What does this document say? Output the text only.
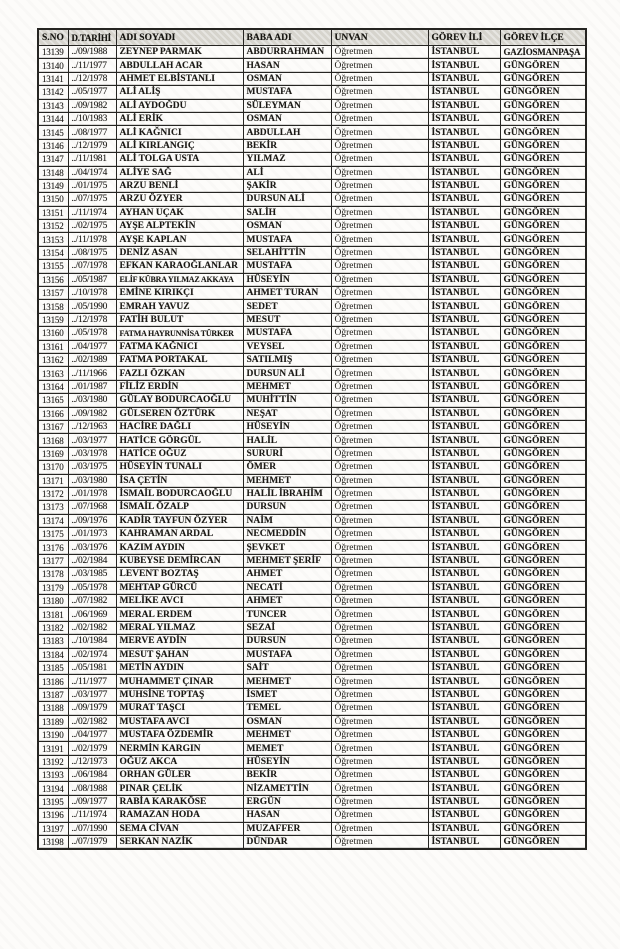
S.NO	D.TARİHİ	ADI SOYADI	BABA ADI	UNVAN	GÖREV İLİ	GÖREV İLÇE
13139	../09/1988	ZEYNEP PARMAK	ABDURRAHMAN	Öğretmen	İSTANBUL	GAZİOSMANPAŞA
13140	../11/1977	ABDULLAH ACAR	HASAN	Öğretmen	İSTANBUL	GÜNGÖREN
13141	../12/1978	AHMET ELBİSTANLI	OSMAN	Öğretmen	İSTANBUL	GÜNGÖREN
13142	../05/1977	ALİ ALİŞ	MUSTAFA	Öğretmen	İSTANBUL	GÜNGÖREN
13143	../09/1982	ALİ AYDOĞDU	SÜLEYMAN	Öğretmen	İSTANBUL	GÜNGÖREN
13144	../10/1983	ALİ ERİK	OSMAN	Öğretmen	İSTANBUL	GÜNGÖREN
13145	../08/1977	ALİ KAĞNICI	ABDULLAH	Öğretmen	İSTANBUL	GÜNGÖREN
13146	../12/1979	ALİ KIRLANGIÇ	BEKİR	Öğretmen	İSTANBUL	GÜNGÖREN
13147	../11/1981	ALİ TOLGA USTA	YILMAZ	Öğretmen	İSTANBUL	GÜNGÖREN
13148	../04/1974	ALİYE SAĞ	ALİ	Öğretmen	İSTANBUL	GÜNGÖREN
13149	../01/1975	ARZU BENLİ	ŞAKİR	Öğretmen	İSTANBUL	GÜNGÖREN
13150	../07/1975	ARZU ÖZYER	DURSUN ALİ	Öğretmen	İSTANBUL	GÜNGÖREN
13151	../11/1974	AYHAN UÇAK	SALİH	Öğretmen	İSTANBUL	GÜNGÖREN
13152	../02/1975	AYŞE ALPTEKİN	OSMAN	Öğretmen	İSTANBUL	GÜNGÖREN
13153	../11/1978	AYŞE KAPLAN	MUSTAFA	Öğretmen	İSTANBUL	GÜNGÖREN
13154	../08/1975	DENİZ ASAN	SELAHİTTİN	Öğretmen	İSTANBUL	GÜNGÖREN
13155	../07/1978	EFKAN KARAOĞLANLAR	MUSTAFA	Öğretmen	İSTANBUL	GÜNGÖREN
13156	../05/1987	ELİF KÜBRA YILMAZ AKKAYA	HÜSEYİN	Öğretmen	İSTANBUL	GÜNGÖREN
13157	../10/1978	EMİNE KIRIKÇI	AHMET TURAN	Öğretmen	İSTANBUL	GÜNGÖREN
13158	../05/1990	EMRAH YAVUZ	SEDET	Öğretmen	İSTANBUL	GÜNGÖREN
13159	../12/1978	FATİH BULUT	MESUT	Öğretmen	İSTANBUL	GÜNGÖREN
13160	../05/1978	FATMA HAYRUNNİSA TÜRKER	MUSTAFA	Öğretmen	İSTANBUL	GÜNGÖREN
13161	../04/1977	FATMA KAĞNICI	VEYSEL	Öğretmen	İSTANBUL	GÜNGÖREN
13162	../02/1989	FATMA PORTAKAL	SATILMIŞ	Öğretmen	İSTANBUL	GÜNGÖREN
13163	../11/1966	FAZLI ÖZKAN	DURSUN ALİ	Öğretmen	İSTANBUL	GÜNGÖREN
13164	../01/1987	FİLİZ ERDİN	MEHMET	Öğretmen	İSTANBUL	GÜNGÖREN
13165	../03/1980	GÜLAY BODURCAOĞLU	MUHİTTİN	Öğretmen	İSTANBUL	GÜNGÖREN
13166	../09/1982	GÜLSEREN ÖZTÜRK	NEŞAT	Öğretmen	İSTANBUL	GÜNGÖREN
13167	../12/1963	HACİRE DAĞLI	HÜSEYİN	Öğretmen	İSTANBUL	GÜNGÖREN
13168	../03/1977	HATİCE GÖRGÜL	HALİL	Öğretmen	İSTANBUL	GÜNGÖREN
13169	../03/1978	HATİCE OĞUZ	SURURİ	Öğretmen	İSTANBUL	GÜNGÖREN
13170	../03/1975	HÜSEYİN TUNALI	ÖMER	Öğretmen	İSTANBUL	GÜNGÖREN
13171	../03/1980	İSA ÇETİN	MEHMET	Öğretmen	İSTANBUL	GÜNGÖREN
13172	../01/1978	İSMAİL BODURCAOĞLU	HALİL İBRAHİM	Öğretmen	İSTANBUL	GÜNGÖREN
13173	../07/1968	İSMAİL ÖZALP	DURSUN	Öğretmen	İSTANBUL	GÜNGÖREN
13174	../09/1976	KADİR TAYFUN ÖZYER	NAİM	Öğretmen	İSTANBUL	GÜNGÖREN
13175	../01/1973	KAHRAMAN ARDAL	NECMEDDİN	Öğretmen	İSTANBUL	GÜNGÖREN
13176	../03/1976	KAZIM AYDIN	ŞEVKET	Öğretmen	İSTANBUL	GÜNGÖREN
13177	../02/1984	KUBEYSE DEMİRCAN	MEHMET ŞERİF	Öğretmen	İSTANBUL	GÜNGÖREN
13178	../03/1985	LEVENT BOZTAŞ	AHMET	Öğretmen	İSTANBUL	GÜNGÖREN
13179	../05/1978	MEHTAP GÜRCÜ	NECATİ	Öğretmen	İSTANBUL	GÜNGÖREN
13180	../07/1982	MELİKE AVCI	AHMET	Öğretmen	İSTANBUL	GÜNGÖREN
13181	../06/1969	MERAL ERDEM	TUNCER	Öğretmen	İSTANBUL	GÜNGÖREN
13182	../02/1982	MERAL YILMAZ	SEZAİ	Öğretmen	İSTANBUL	GÜNGÖREN
13183	../10/1984	MERVE AYDİN	DURSUN	Öğretmen	İSTANBUL	GÜNGÖREN
13184	../02/1974	MESUT ŞAHAN	MUSTAFA	Öğretmen	İSTANBUL	GÜNGÖREN
13185	../05/1981	METİN AYDIN	SAİT	Öğretmen	İSTANBUL	GÜNGÖREN
13186	../11/1977	MUHAMMET ÇINAR	MEHMET	Öğretmen	İSTANBUL	GÜNGÖREN
13187	../03/1977	MUHSİNE TOPTAŞ	İSMET	Öğretmen	İSTANBUL	GÜNGÖREN
13188	../09/1979	MURAT TAŞCI	TEMEL	Öğretmen	İSTANBUL	GÜNGÖREN
13189	../02/1982	MUSTAFA AVCI	OSMAN	Öğretmen	İSTANBUL	GÜNGÖREN
13190	../04/1977	MUSTAFA ÖZDEMİR	MEHMET	Öğretmen	İSTANBUL	GÜNGÖREN
13191	../02/1979	NERMİN KARGIN	MEMET	Öğretmen	İSTANBUL	GÜNGÖREN
13192	../12/1973	OĞUZ AKCA	HÜSEYİN	Öğretmen	İSTANBUL	GÜNGÖREN
13193	../06/1984	ORHAN GÜLER	BEKİR	Öğretmen	İSTANBUL	GÜNGÖREN
13194	../08/1988	PINAR ÇELİK	NİZAMETTİN	Öğretmen	İSTANBUL	GÜNGÖREN
13195	../09/1977	RABİA KARAKÖSE	ERGÜN	Öğretmen	İSTANBUL	GÜNGÖREN
13196	../11/1974	RAMAZAN HODA	HASAN	Öğretmen	İSTANBUL	GÜNGÖREN
13197	../07/1990	SEMA CİVAN	MUZAFFER	Öğretmen	İSTANBUL	GÜNGÖREN
13198	../07/1979	SERKAN NAZİK	DÜNDAR	Öğretmen	İSTANBUL	GÜNGÖREN
